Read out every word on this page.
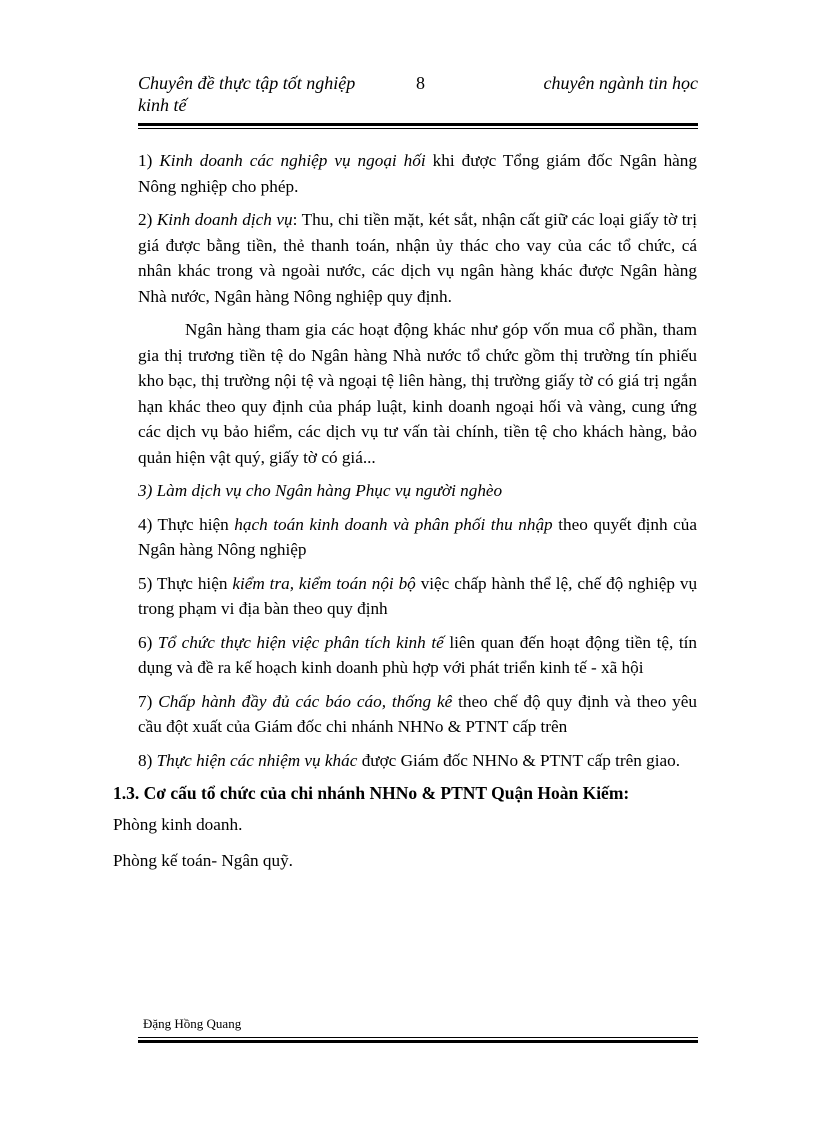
Chuyên đề thực tập tốt nghiệp
kinh tế
8	chuyên ngành tin học

1) Kinh doanh các nghiệp vụ ngoại hối khi được Tổng giám đốc Ngân hàng Nông nghiệp cho phép.

2) Kinh doanh dịch vụ: Thu, chi tiền mặt, két sắt, nhận cất giữ các loại giấy tờ trị giá được bằng tiền, thẻ thanh toán, nhận ủy thác cho vay của các tổ chức, cá nhân khác trong và ngoài nước, các dịch vụ ngân hàng khác được Ngân hàng Nhà nước, Ngân hàng Nông nghiệp quy định.

Ngân hàng tham gia các hoạt động khác như góp vốn mua cổ phần, tham gia thị trương tiền tệ do Ngân hàng Nhà nước tổ chức gồm thị trường tín phiếu kho bạc, thị trường nội tệ và ngoại tệ liên hàng, thị trường giấy tờ có giá trị ngắn hạn khác theo quy định của pháp luật, kinh doanh ngoại hối và vàng, cung ứng các dịch vụ bảo hiểm, các dịch vụ tư vấn tài chính, tiền tệ cho khách hàng, bảo quản hiện vật quý, giấy tờ có giá...

3) Làm dịch vụ cho Ngân hàng Phục vụ người nghèo

4) Thực hiện hạch toán kinh doanh và phân phối thu nhập theo quyết định của Ngân hàng Nông nghiệp

5) Thực hiện kiểm tra, kiểm toán nội bộ việc chấp hành thể lệ, chế độ nghiệp vụ trong phạm vi địa bàn theo quy định

6) Tổ chức thực hiện việc phân tích kinh tế liên quan đến hoạt động tiền tệ, tín dụng và đề ra kế hoạch kinh doanh phù hợp với phát triển kinh tế - xã hội

7) Chấp hành đầy đủ các báo cáo, thống kê theo chế độ quy định và theo yêu cầu đột xuất của Giám đốc chi nhánh NHNo & PTNT cấp trên

8) Thực hiện các nhiệm vụ khác được Giám đốc NHNo & PTNT cấp trên giao.

1.3. Cơ cấu tổ chức của chi nhánh NHNo & PTNT Quận Hoàn Kiếm:
Phòng kinh doanh.
Phòng kế toán- Ngân quỹ.
Đặng Hồng Quang
